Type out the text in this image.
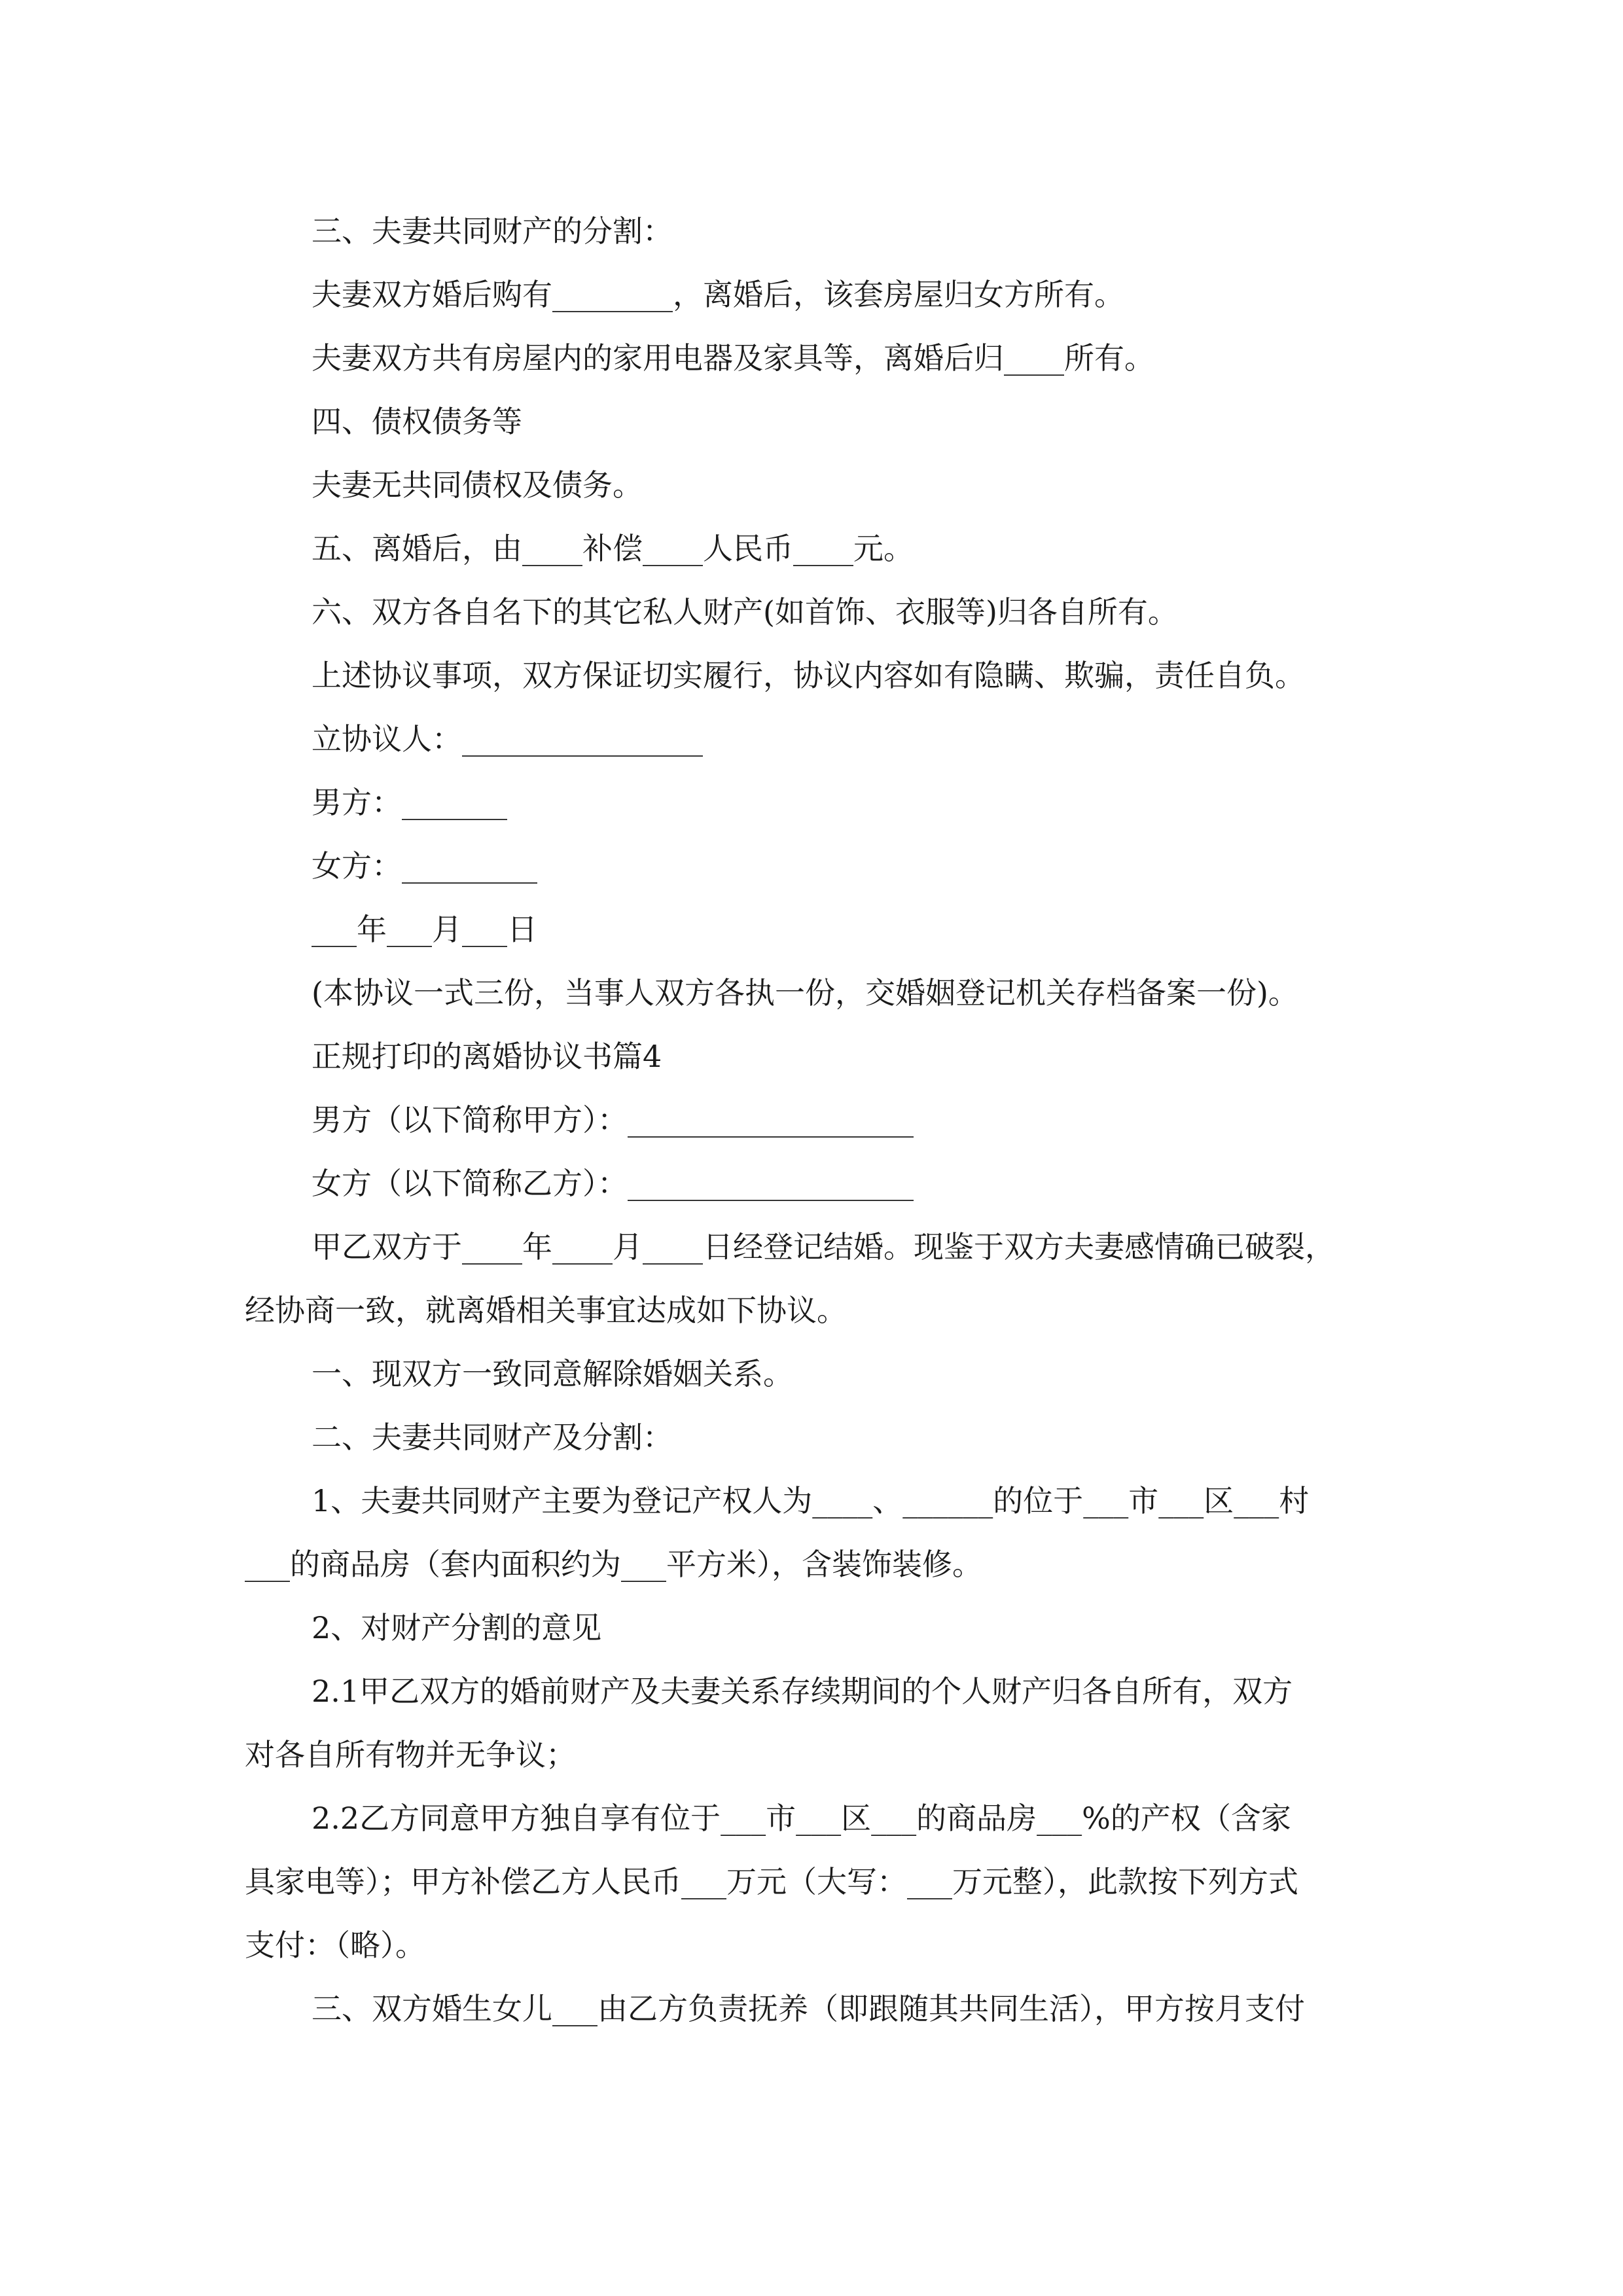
三、夫妻共同财产的分割：
夫妻双方婚后购有________，离婚后，该套房屋归女方所有。
夫妻双方共有房屋内的家用电器及家具等，离婚后归____所有。
四、债权债务等
夫妻无共同债权及债务。
五、离婚后，由____补偿____人民币____元。
六、双方各自名下的其它私人财产(如首饰、衣服等)归各自所有。
上述协议事项，双方保证切实履行，协议内容如有隐瞒、欺骗，责任自负。
立协议人：________________
男方：_______
女方：_________
___年___月___日
(本协议一式三份，当事人双方各执一份，交婚姻登记机关存档备案一份)。
正规打印的离婚协议书篇4
男方（以下简称甲方）：___________________
女方（以下简称乙方）：___________________
甲乙双方于____年____月____日经登记结婚。现鉴于双方夫妻感情确已破裂，
经协商一致，就离婚相关事宜达成如下协议。
一、现双方一致同意解除婚姻关系。
二、夫妻共同财产及分割：
1、夫妻共同财产主要为登记产权人为____、______的位于___市___区___村
___的商品房（套内面积约为___平方米），含装饰装修。
2、对财产分割的意见
2.1甲乙双方的婚前财产及夫妻关系存续期间的个人财产归各自所有，双方
对各自所有物并无争议；
2.2乙方同意甲方独自享有位于___市___区___的商品房___%的产权（含家
具家电等）；甲方补偿乙方人民币___万元（大写：___万元整），此款按下列方式
支付：（略）。
三、双方婚生女儿___由乙方负责抚养（即跟随其共同生活），甲方按月支付
